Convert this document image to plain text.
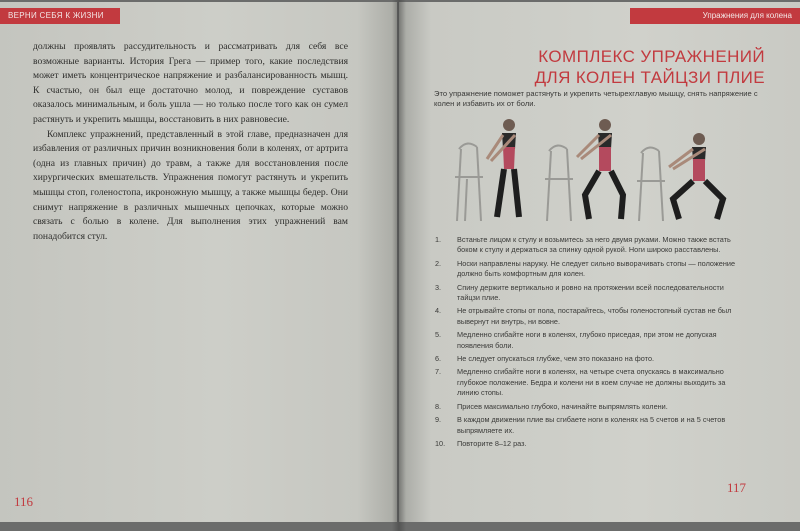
ВЕРНИ СЕБЯ К ЖИЗНИ

должны проявлять рассудительность и рассматривать для себя все возможные варианты. История Грега — пример того, какие последствия может иметь концентрическое напряжение и разбалансированность мышц. К счастью, он был еще достаточно молод, и повреждение суставов оказалось минимальным, и боль ушла — но только после того как он сумел растянуть и укрепить мышцы, восстановить в них равновесие.

Комплекс упражнений, представленный в этой главе, предназначен для избавления от различных причин возникновения боли в коленях, от артрита (одна из главных причин) до травм, а также для восстановления после хирургических вмешательств. Упражнения помогут растянуть и укрепить мышцы стоп, голеностопа, икроножную мышцу, а также мышцы бедер. Они снимут напряжение в различных мышечных цепочках, которые можно связать с болью в колене. Для выполнения этих упражнений вам понадобится стул.

116
Упражнения для колена
КОМПЛЕКС УПРАЖНЕНИЙ
ДЛЯ КОЛЕН ТАЙЦЗИ ПЛИЕ
Это упражнение поможет растянуть и укрепить четырехглавую мышцу, снять напряжение с колен и избавить их от боли.
1. Встаньте лицом к стулу и возьмитесь за него двумя руками. Можно также встать боком к стулу и держаться за спинку одной рукой. Ноги широко расставлены.
2. Носки направлены наружу. Не следует сильно выворачивать стопы — положение должно быть комфортным для колен.
3. Спину держите вертикально и ровно на протяжении всей последовательности тайцзи плие.
4. Не отрывайте стопы от пола, постарайтесь, чтобы голеностопный сустав не был вывернут ни внутрь, ни вовне.
5. Медленно сгибайте ноги в коленях, глубоко приседая, при этом не допуская появления боли.
6. Не следует опускаться глубже, чем это показано на фото.
7. Медленно сгибайте ноги в коленях, на четыре счета опускаясь в максимально глубокое положение. Бедра и колени ни в коем случае не должны выходить за линию стопы.
8. Присев максимально глубоко, начинайте выпрямлять колени.
9. В каждом движении плие вы сгибаете ноги в коленях на 5 счетов и на 5 счетов выпрямляете их.
10. Повторите 8–12 раз.
117
